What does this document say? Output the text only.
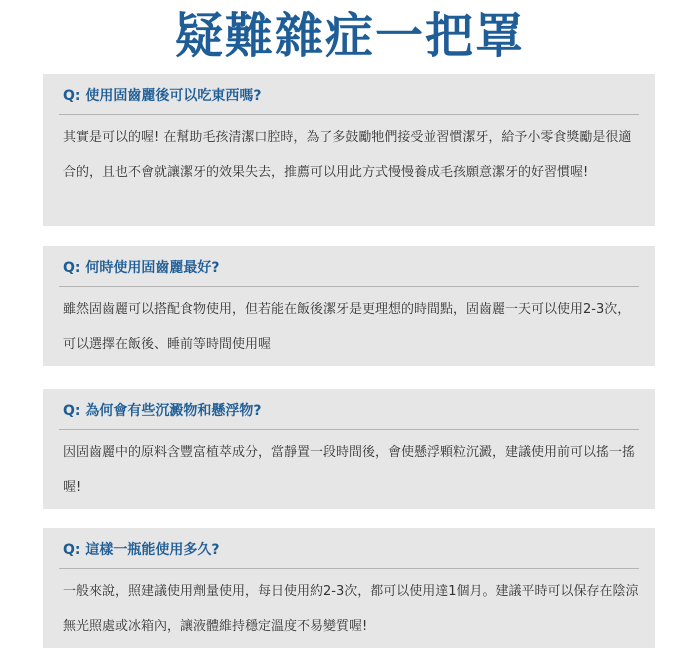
疑難雜症一把罩
Q: 使用固齒麗後可以吃東西嗎?
其實是可以的喔! 在幫助毛孩清潔口腔時，為了多鼓勵牠們接受並習慣潔牙，給予小零食獎勵是很適合的，且也不會就讓潔牙的效果失去，推薦可以用此方式慢慢養成毛孩願意潔牙的好習慣喔!
Q: 何時使用固齒麗最好?
雖然固齒麗可以搭配食物使用，但若能在飯後潔牙是更理想的時間點，固齒麗一天可以使用2-3次，可以選擇在飯後、睡前等時間使用喔
Q: 為何會有些沉澱物和懸浮物?
因固齒麗中的原料含豐富植萃成分，當靜置一段時間後，會使懸浮顆粒沉澱，建議使用前可以搖一搖喔!
Q: 這樣一瓶能使用多久?
一般來說，照建議使用劑量使用，每日使用約2-3次，都可以使用達1個月。建議平時可以保存在陰涼無光照處或冰箱內，讓液體維持穩定溫度不易變質喔!
